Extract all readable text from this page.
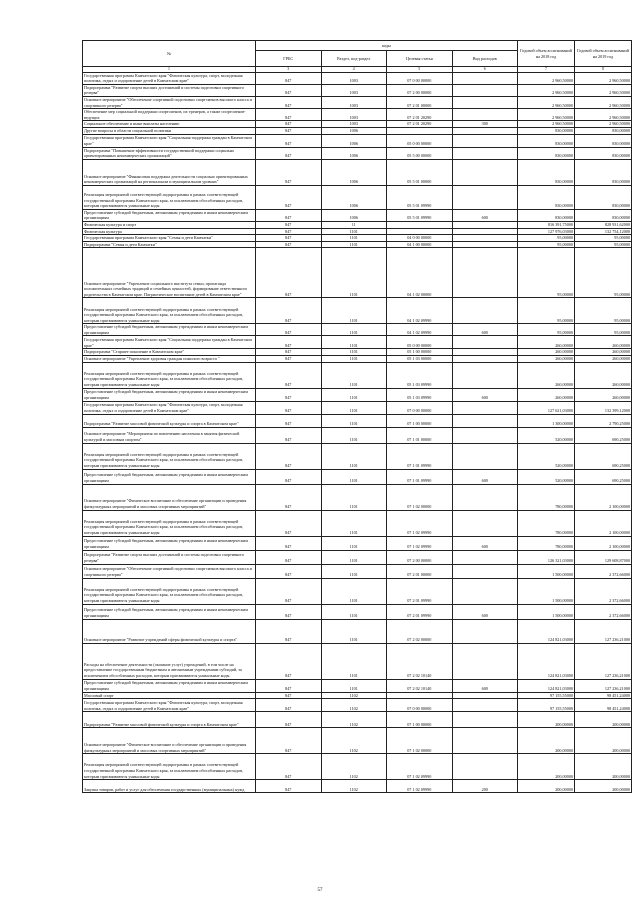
№	коды				Годовой объем ассигнований на 2018 год	Годовой объем ассигнований на 2019 год
	ГРБС	Раздел, под-раздел	Целевая статья	Вид расходов		
1	3	4	5	6	7	8
Государственная программа Камчатского края "Физическая культура, спорт, молодежная политика, отдых и оздоровление детей в Камчатском крае"	847	1003	07 0 00 00000		2 960,50000	2 960,50000
Подпрограмма "Развитие спорта высших достижений и системы подготовки спортивного резерва"	847	1003	07 2 00 00000		2 960,50000	2 960,50000
Основное мероприятие "Обеспечение спортивной подготовки спортсменов высокого класса и спортивного резерва"	847	1003	07 2 01 00000		2 960,50000	2 960,50000
Обеспечение мер социальной поддержки спортсменов, их тренеров, а также спортсменов-ведущих	847	1003	07 2 01 20290		2 960,50000	2 960,50000
Социальное обеспечение и иные выплаты населению	847	1003	07 2 01 20290	300	2 960,50000	2 960,50000
Другие вопросы в области социальной политики	847	1006			830,00000	830,00000
Государственная программа Камчатского края "Социальная поддержка граждан в Камчатском крае"	847	1006	05 0 00 00000		830,00000	830,00000
Подпрограмма "Повышение эффективности государственной поддержки социально ориентированных некоммерческих организаций"	847	1006	05 5 00 00000		830,00000	830,00000
Основное мероприятие "Финансовая поддержка деятельности социально ориентированных некоммерческих организаций на региональном и муниципальном уровнях"	847	1006	05 5 01 00000		830,00000	830,00000
Реализация мероприятий соответствующей подпрограммы в рамках соответствующей государственной программы Камчатского края, за исключением обособленных расходов, которым присваиваются уникальные коды	847	1006	05 5 01 09990		830,00000	830,00000
Предоставление субсидий бюджетным, автономным учреждениям и иным некоммерческим организациям	847	1006	05 5 01 09990	600	830,00000	830,00000
Физическая культура и спорт	847	11			816 391,75000	828 931,62000
Физическая культура	847	1101			127 976,03000	132 754,12000
Государственная программа Камчатского края "Семья и дети Камчатки"	847	1101	04 0 00 00000		95,00000	95,00000
Подпрограмма "Семья и дети Камчатки"	847	1101	04 1 00 00000		95,00000	95,00000
Основное мероприятие "Укрепление социального института семьи, пропаганда положительных семейных традиций и семейных ценностей, формирование ответственного родительства в Камчатском крае. Патриотическое воспитание детей в Камчатском крае"	847	1101	04 1 02 00000		95,00000	95,00000
Реализация мероприятий соответствующей подпрограммы в рамках соответствующей государственной программы Камчатского края, за исключением обособленных расходов, которым присваиваются уникальные коды	847	1101	04 1 02 09990		95,00000	95,00000
Предоставление субсидий бюджетным, автономным учреждениям и иным некоммерческим организациям	847	1101	04 1 02 09990	600	95,00000	95,00000
Государственная программа Камчатского края "Социальная поддержка граждан в Камчатском крае"	847	1101	05 0 00 00000		260,00000	260,00000
Подпрограмма "Старшее поколение в Камчатском крае"	847	1101	05 1 00 00000		260,00000	260,00000
Основное мероприятие "Укрепление здоровья граждан пожилого возраста "	847	1101	05 1 03 00000		260,00000	260,00000
Реализация мероприятий соответствующей подпрограммы в рамках соответствующей государственной программы Камчатского края, за исключением обособленных расходов, которым присваиваются уникальные коды	847	1101	05 1 03 09990		260,00000	260,00000
Предоставление субсидий бюджетным, автономным учреждениям и иным некоммерческим организациям	847	1101	05 1 03 09990	600	260,00000	260,00000
Государственная программа Камчатского края "Физическая культура, спорт, молодежная политика, отдых и оздоровление детей в Камчатском крае"	847	1101	07 0 00 00000		127 621,03000	132 399,12000
Подпрограмма "Развитие массовой физической культуры и спорта в Камчатском крае"	847	1101	07 1 00 00000		1 300,00000	2 790,25000
Основное мероприятие "Мероприятия по вовлечению населения в занятия физической культурой и массовым спортом"	847	1101	07 1 01 00000		520,00000	690,25000
Реализация мероприятий соответствующей подпрограммы в рамках соответствующей государственной программы Камчатского края, за исключением обособленных расходов, которым присваиваются уникальные коды	847	1101	07 1 01 09990		520,00000	690,25000
Предоставление субсидий бюджетным, автономным учреждениям и иным некоммерческим организациям	847	1101	07 1 01 09990	600	520,00000	690,25000
Основное мероприятие "Физическое воспитание и обеспечение организации и проведения физкультурных мероприятий и массовых спортивных мероприятий"	847	1101	07 1 02 00000		780,00000	2 100,00000
Реализация мероприятий соответствующей подпрограммы в рамках соответствующей государственной программы Камчатского края, за исключением обособленных расходов, которым присваиваются уникальные коды	847	1101	07 1 02 09990		780,00000	2 100,00000
Предоставление субсидий бюджетным, автономным учреждениям и иным некоммерческим организациям	847	1101	07 1 02 09990	600	780,00000	2 100,00000
Подпрограмма "Развитие спорта высших достижений и системы подготовки спортивного резерва"	847	1101	07 2 00 00000		126 321,03000	129 608,87000
Основное мероприятие "Обеспечение спортивной подготовки спортсменов высокого класса и спортивного резерва"	847	1101	07 2 01 00000		1 500,00000	2 372,66000
Реализация мероприятий соответствующей подпрограммы в рамках соответствующей государственной программы Камчатского края, за исключением обособленных расходов, которым присваиваются уникальные коды	847	1101	07 2 01 09990		1 500,00000	2 372,66000
Предоставление субсидий бюджетным, автономным учреждениям и иным некоммерческим организациям	847	1101	07 2 01 09990	600	1 500,00000	2 372,66000
Основное мероприятие "Развитие учреждений сферы физической культуры и спорта"	847	1101	07 2 02 00000		124 821,03000	127 236,21000
Расходы на обеспечение деятельности (оказание услуг) учреждений, в том числе на предоставление государственным бюджетным и автономным учреждениям субсидий, за исключением обособленных расходов, которым присваиваются уникальные коды	847	1101	07 2 02 10140		124 821,03000	127 236,21000
Предоставление субсидий бюджетным, автономным учреждениям и иным некоммерческим организациям	847	1101	07 2 02 10140	600	124 821,03000	127 236,21000
Массовый спорт	847	1102			97 155,55000	98 451,24000
Государственная программа Камчатского края "Физическая культура, спорт, молодежная политика, отдых и оздоровление детей в Камчатском крае"	847	1102	07 0 00 00000		97 155,55000	98 451,24000
Подпрограмма "Развитие массовой физической культуры и спорта в Камчатском крае"	847	1102	07 1 00 00000		200,00000	200,00000
Основное мероприятие "Физическое воспитание и обеспечение организации и проведения физкультурных мероприятий и массовых спортивных мероприятий"	847	1102	07 1 02 00000		200,00000	200,00000
Реализация мероприятий соответствующей подпрограммы в рамках соответствующей государственной программы Камчатского края, за исключением обособленных расходов, которым присваиваются уникальные коды	847	1102	07 1 02 09990		200,00000	200,00000
Закупка товаров, работ и услуг для обеспечения государственных (муниципальных) нужд	847	1102	07 1 02 09990	200	200,00000	200,00000
57
